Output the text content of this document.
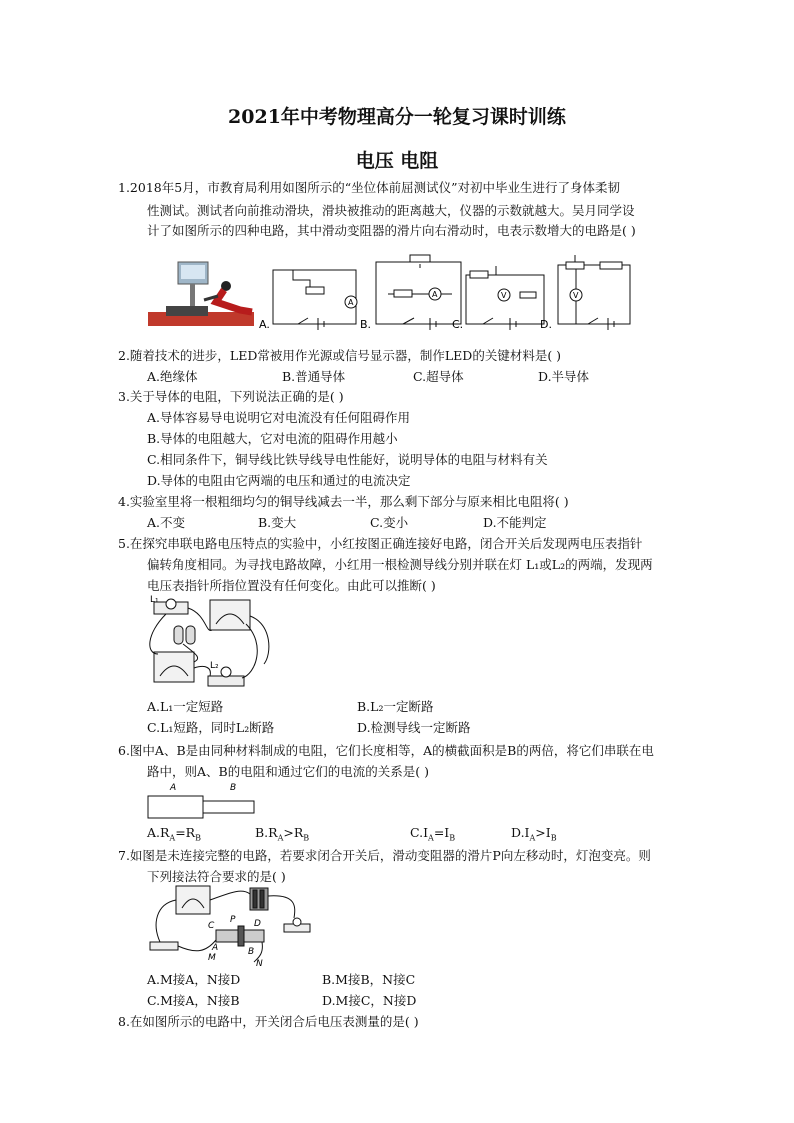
2021年中考物理高分一轮复习课时训练
电压 电阻
1.2018年5月，市教育局利用如图所示的“坐位体前屈测试仪”对初中毕业生进行了身体柔韧
性测试。测试者向前推动滑块，滑块被推动的距离越大，仪器的示数就越大。吴月同学设
计了如图所示的四种电路，其中滑动变阻器的滑片向右滑动时，电表示数增大的电路是( )
A
A.
A
B.
V
C.
V
D.
2.随着技术的进步，LED常被用作光源或信号显示器，制作LED的关键材料是( )
A.绝缘体	B.普通导体	C.超导体	D.半导体
3.关于导体的电阻，下列说法正确的是( )
A.导体容易导电说明它对电流没有任何阻碍作用
B.导体的电阻越大，它对电流的阻碍作用越小
C.相同条件下，铜导线比铁导线导电性能好，说明导体的电阻与材料有关
D.导体的电阻由它两端的电压和通过的电流决定
4.实验室里将一根粗细均匀的铜导线减去一半，那么剩下部分与原来相比电阻将( )
A.不变	B.变大	C.变小	D.不能判定
5.在探究串联电路电压特点的实验中，小红按图正确连接好电路，闭合开关后发现两电压表指针
偏转角度相同。为寻找电路故障，小红用一根检测导线分别并联在灯 L₁或L₂的两端，发现两
电压表指针所指位置没有任何变化。由此可以推断( )
L₁
L₂
A.L₁一定短路	B.L₂一定断路
C.L₁短路，同时L₂断路	D.检测导线一定断路
6.图中A、B是由同种材料制成的电阻，它们长度相等，A的横截面积是B的两倍，将它们串联在电
路中，则A、B的电阻和通过它们的电流的关系是( )
A	B
$A.R_A=R_B$	$B.R_A>R_B$	$C.I_A=I_B$	$D.I_A>I_B$
7.如图是未连接完整的电路，若要求闭合开关后，滑动变阻器的滑片P向左移动时，灯泡变亮。则
下列接法符合要求的是( )
C
P D
A	B
M
N
A.M接A，N接D	B.M接B，N接C
C.M接A，N接B	D.M接C，N接D
8.在如图所示的电路中，开关闭合后电压表测量的是( )
